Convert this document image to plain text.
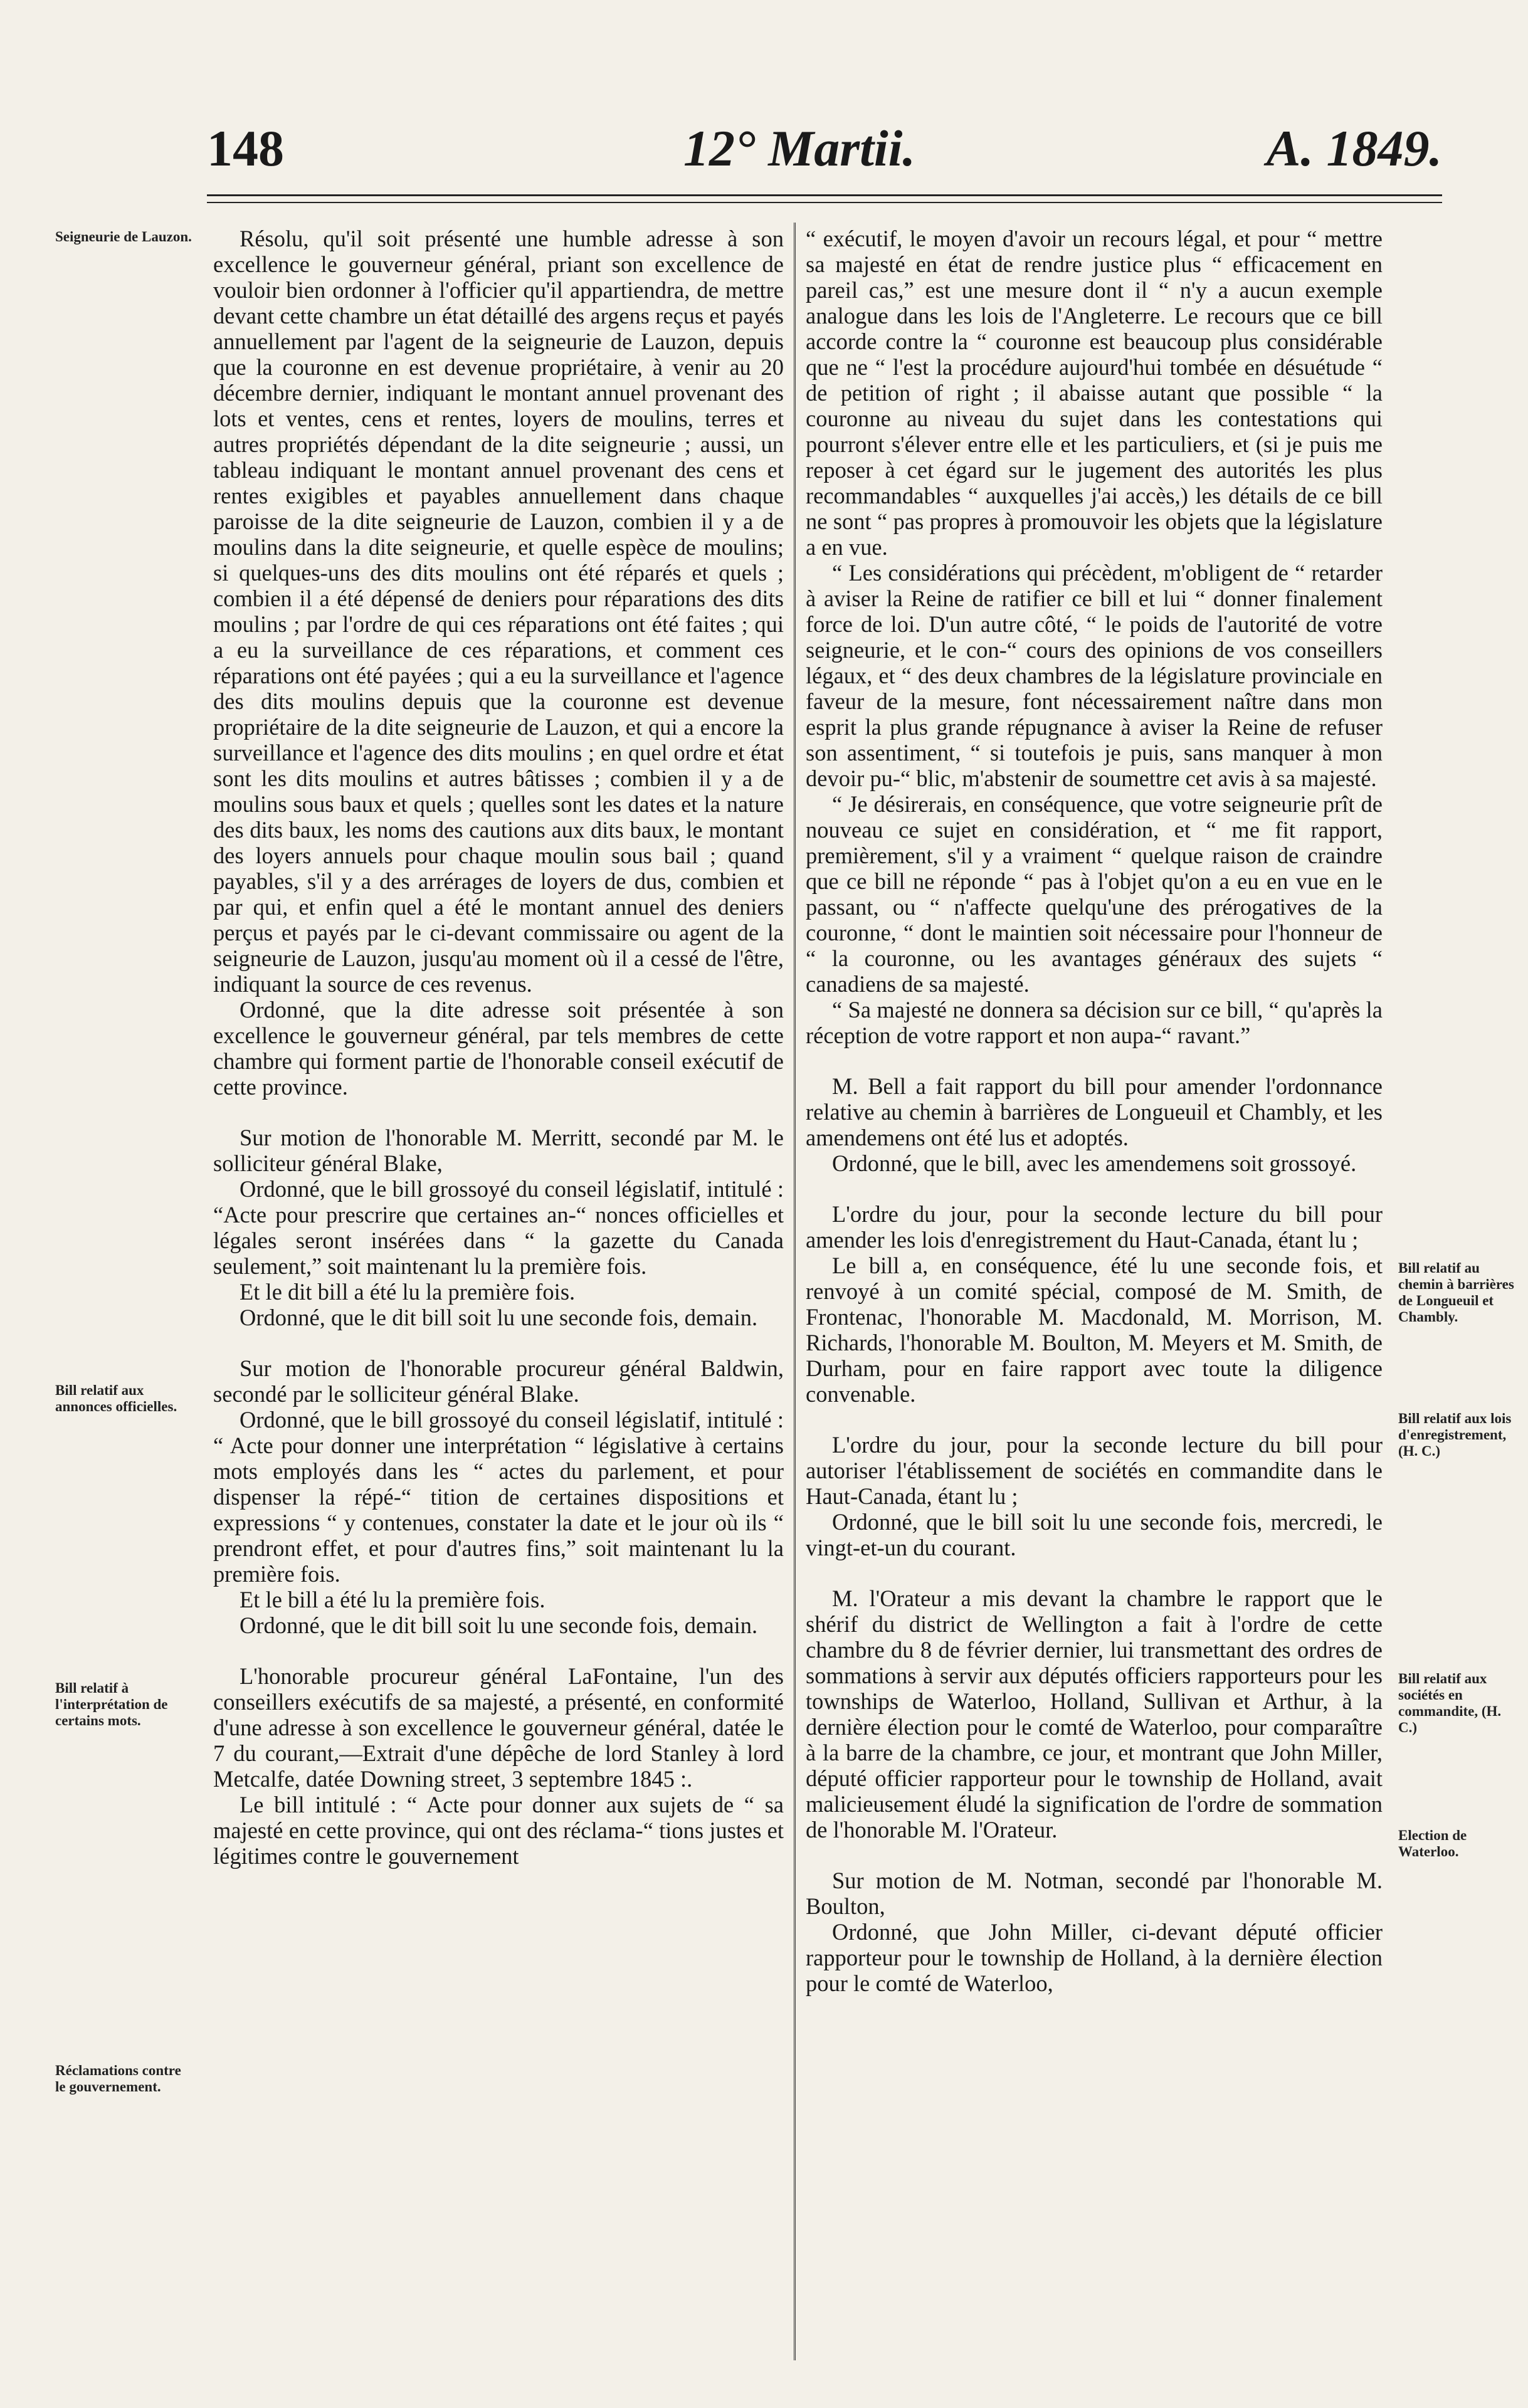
148	12° Martii.	A. 1849.
Seigneurie de Lauzon.
Bill relatif aux annonces officielles.
Bill relatif à l'interprétation de certains mots.
Réclamations contre le gouvernement.
Bill relatif au chemin à barrières de Longueuil et Chambly.
Bill relatif aux lois d'enregistrement, (H. C.)
Bill relatif aux sociétés en commandite, (H. C.)
Election de Waterloo.

Résolu, qu'il soit présenté une humble adresse à son excellence le gouverneur général, priant son excellence de vouloir bien ordonner à l'officier qu'il appartiendra, de mettre devant cette chambre un état détaillé des argens reçus et payés annuellement par l'agent de la seigneurie de Lauzon, depuis que la couronne en est devenue propriétaire, à venir au 20 décembre dernier, indiquant le montant annuel provenant des lots et ventes, cens et rentes, loyers de moulins, terres et autres propriétés dépendant de la dite seigneurie ; aussi, un tableau indiquant le montant annuel provenant des cens et rentes exigibles et payables annuellement dans chaque paroisse de la dite seigneurie de Lauzon, combien il y a de moulins dans la dite seigneurie, et quelle espèce de moulins; si quelques-uns des dits moulins ont été réparés et quels ; combien il a été dépensé de deniers pour réparations des dits moulins ; par l'ordre de qui ces réparations ont été faites ; qui a eu la surveillance de ces réparations, et comment ces réparations ont été payées ; qui a eu la surveillance et l'agence des dits moulins depuis que la couronne est devenue propriétaire de la dite seigneurie de Lauzon, et qui a encore la surveillance et l'agence des dits moulins ; en quel ordre et état sont les dits moulins et autres bâtisses ; combien il y a de moulins sous baux et quels ; quelles sont les dates et la nature des dits baux, les noms des cautions aux dits baux, le montant des loyers annuels pour chaque moulin sous bail ; quand payables, s'il y a des arrérages de loyers de dus, combien et par qui, et enfin quel a été le montant annuel des deniers perçus et payés par le ci-devant commissaire ou agent de la seigneurie de Lauzon, jusqu'au moment où il a cessé de l'être, indiquant la source de ces revenus.

Ordonné, que la dite adresse soit présentée à son excellence le gouverneur général, par tels membres de cette chambre qui forment partie de l'honorable conseil exécutif de cette province.

Sur motion de l'honorable M. Merritt, secondé par M. le solliciteur général Blake,

Ordonné, que le bill grossoyé du conseil législatif, intitulé : “Acte pour prescrire que certaines an-“ nonces officielles et légales seront insérées dans “ la gazette du Canada seulement,” soit maintenant lu la première fois.

Et le dit bill a été lu la première fois.

Ordonné, que le dit bill soit lu une seconde fois, demain.

Sur motion de l'honorable procureur général Baldwin, secondé par le solliciteur général Blake.

Ordonné, que le bill grossoyé du conseil législatif, intitulé : “ Acte pour donner une interprétation “ législative à certains mots employés dans les “ actes du parlement, et pour dispenser la répé-“ tition de certaines dispositions et expressions “ y contenues, constater la date et le jour où ils “ prendront effet, et pour d'autres fins,” soit maintenant lu la première fois.

Et le bill a été lu la première fois.

Ordonné, que le dit bill soit lu une seconde fois, demain.

L'honorable procureur général LaFontaine, l'un des conseillers exécutifs de sa majesté, a présenté, en conformité d'une adresse à son excellence le gouverneur général, datée le 7 du courant,—Extrait d'une dépêche de lord Stanley à lord Metcalfe, datée Downing street, 3 septembre 1845 :.

Le bill intitulé : “ Acte pour donner aux sujets de “ sa majesté en cette province, qui ont des réclama-“ tions justes et légitimes contre le gouvernement

“ exécutif, le moyen d'avoir un recours légal, et pour “ mettre sa majesté en état de rendre justice plus “ efficacement en pareil cas,” est une mesure dont il “ n'y a aucun exemple analogue dans les lois de l'Angleterre. Le recours que ce bill accorde contre la “ couronne est beaucoup plus considérable que ne “ l'est la procédure aujourd'hui tombée en désuétude “ de petition of right ; il abaisse autant que possible “ la couronne au niveau du sujet dans les contestations qui pourront s'élever entre elle et les particuliers, et (si je puis me reposer à cet égard sur le jugement des autorités les plus recommandables “ auxquelles j'ai accès,) les détails de ce bill ne sont “ pas propres à promouvoir les objets que la législature a en vue.

“ Les considérations qui précèdent, m'obligent de “ retarder à aviser la Reine de ratifier ce bill et lui “ donner finalement force de loi. D'un autre côté, “ le poids de l'autorité de votre seigneurie, et le con-“ cours des opinions de vos conseillers légaux, et “ des deux chambres de la législature provinciale en faveur de la mesure, font nécessairement naître dans mon esprit la plus grande répugnance à aviser la Reine de refuser son assentiment, “ si toutefois je puis, sans manquer à mon devoir pu-“ blic, m'abstenir de soumettre cet avis à sa majesté.

“ Je désirerais, en conséquence, que votre seigneurie prît de nouveau ce sujet en considération, et “ me fit rapport, premièrement, s'il y a vraiment “ quelque raison de craindre que ce bill ne réponde “ pas à l'objet qu'on a eu en vue en le passant, ou “ n'affecte quelqu'une des prérogatives de la couronne, “ dont le maintien soit nécessaire pour l'honneur de “ la couronne, ou les avantages généraux des sujets “ canadiens de sa majesté.

“ Sa majesté ne donnera sa décision sur ce bill, “ qu'après la réception de votre rapport et non aupa-“ ravant.”

M. Bell a fait rapport du bill pour amender l'ordonnance relative au chemin à barrières de Longueuil et Chambly, et les amendemens ont été lus et adoptés.

Ordonné, que le bill, avec les amendemens soit grossoyé.

L'ordre du jour, pour la seconde lecture du bill pour amender les lois d'enregistrement du Haut-Canada, étant lu ;

Le bill a, en conséquence, été lu une seconde fois, et renvoyé à un comité spécial, composé de M. Smith, de Frontenac, l'honorable M. Macdonald, M. Morrison, M. Richards, l'honorable M. Boulton, M. Meyers et M. Smith, de Durham, pour en faire rapport avec toute la diligence convenable.

L'ordre du jour, pour la seconde lecture du bill pour autoriser l'établissement de sociétés en commandite dans le Haut-Canada, étant lu ;

Ordonné, que le bill soit lu une seconde fois, mercredi, le vingt-et-un du courant.

M. l'Orateur a mis devant la chambre le rapport que le shérif du district de Wellington a fait à l'ordre de cette chambre du 8 de février dernier, lui transmettant des ordres de sommations à servir aux députés officiers rapporteurs pour les townships de Waterloo, Holland, Sullivan et Arthur, à la dernière élection pour le comté de Waterloo, pour comparaître à la barre de la chambre, ce jour, et montrant que John Miller, député officier rapporteur pour le township de Holland, avait malicieusement éludé la signification de l'ordre de sommation de l'honorable M. l'Orateur.

Sur motion de M. Notman, secondé par l'honorable M. Boulton,

Ordonné, que John Miller, ci-devant député officier rapporteur pour le township de Holland, à la dernière élection pour le comté de Waterloo,
